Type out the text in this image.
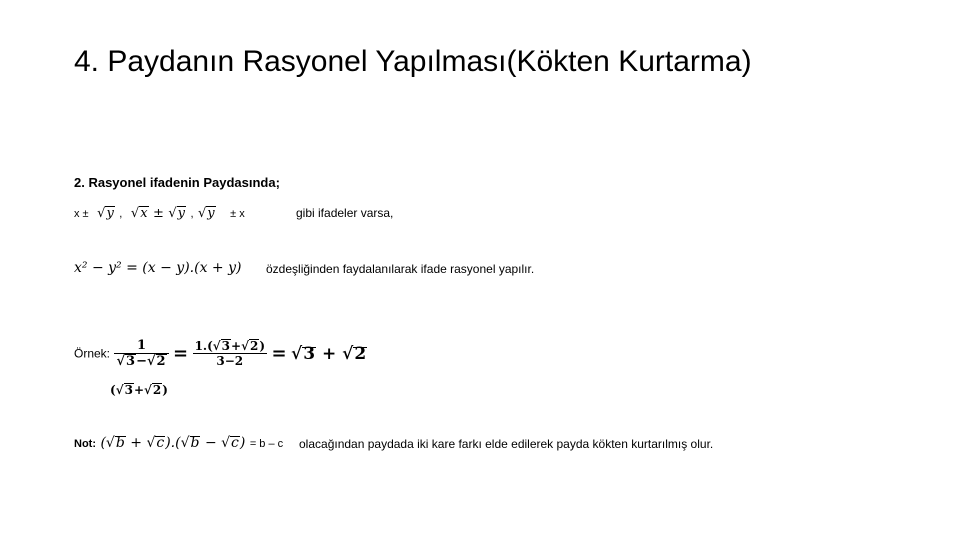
4. Paydanın Rasyonel Yapılması(Kökten Kurtarma)
2. Rasyonel ifadenin Paydasında;
x ±  √y ,  √x ± √y , √y ± x	gibi ifadeler varsa,
x² − y² = (x − y).(x + y) özdeşliğinden faydalanılarak ifade rasyonel yapılır.
Örnek: $\frac{1}{√3-√2} = \frac{1.(√3+√2)}{3-2} = √3 + √2$
(√3+√2)
Not: (√b + √c).(√b − √c) = b – c olacağından paydada iki kare farkı elde edilerek payda kökten kurtarılmış olur.
